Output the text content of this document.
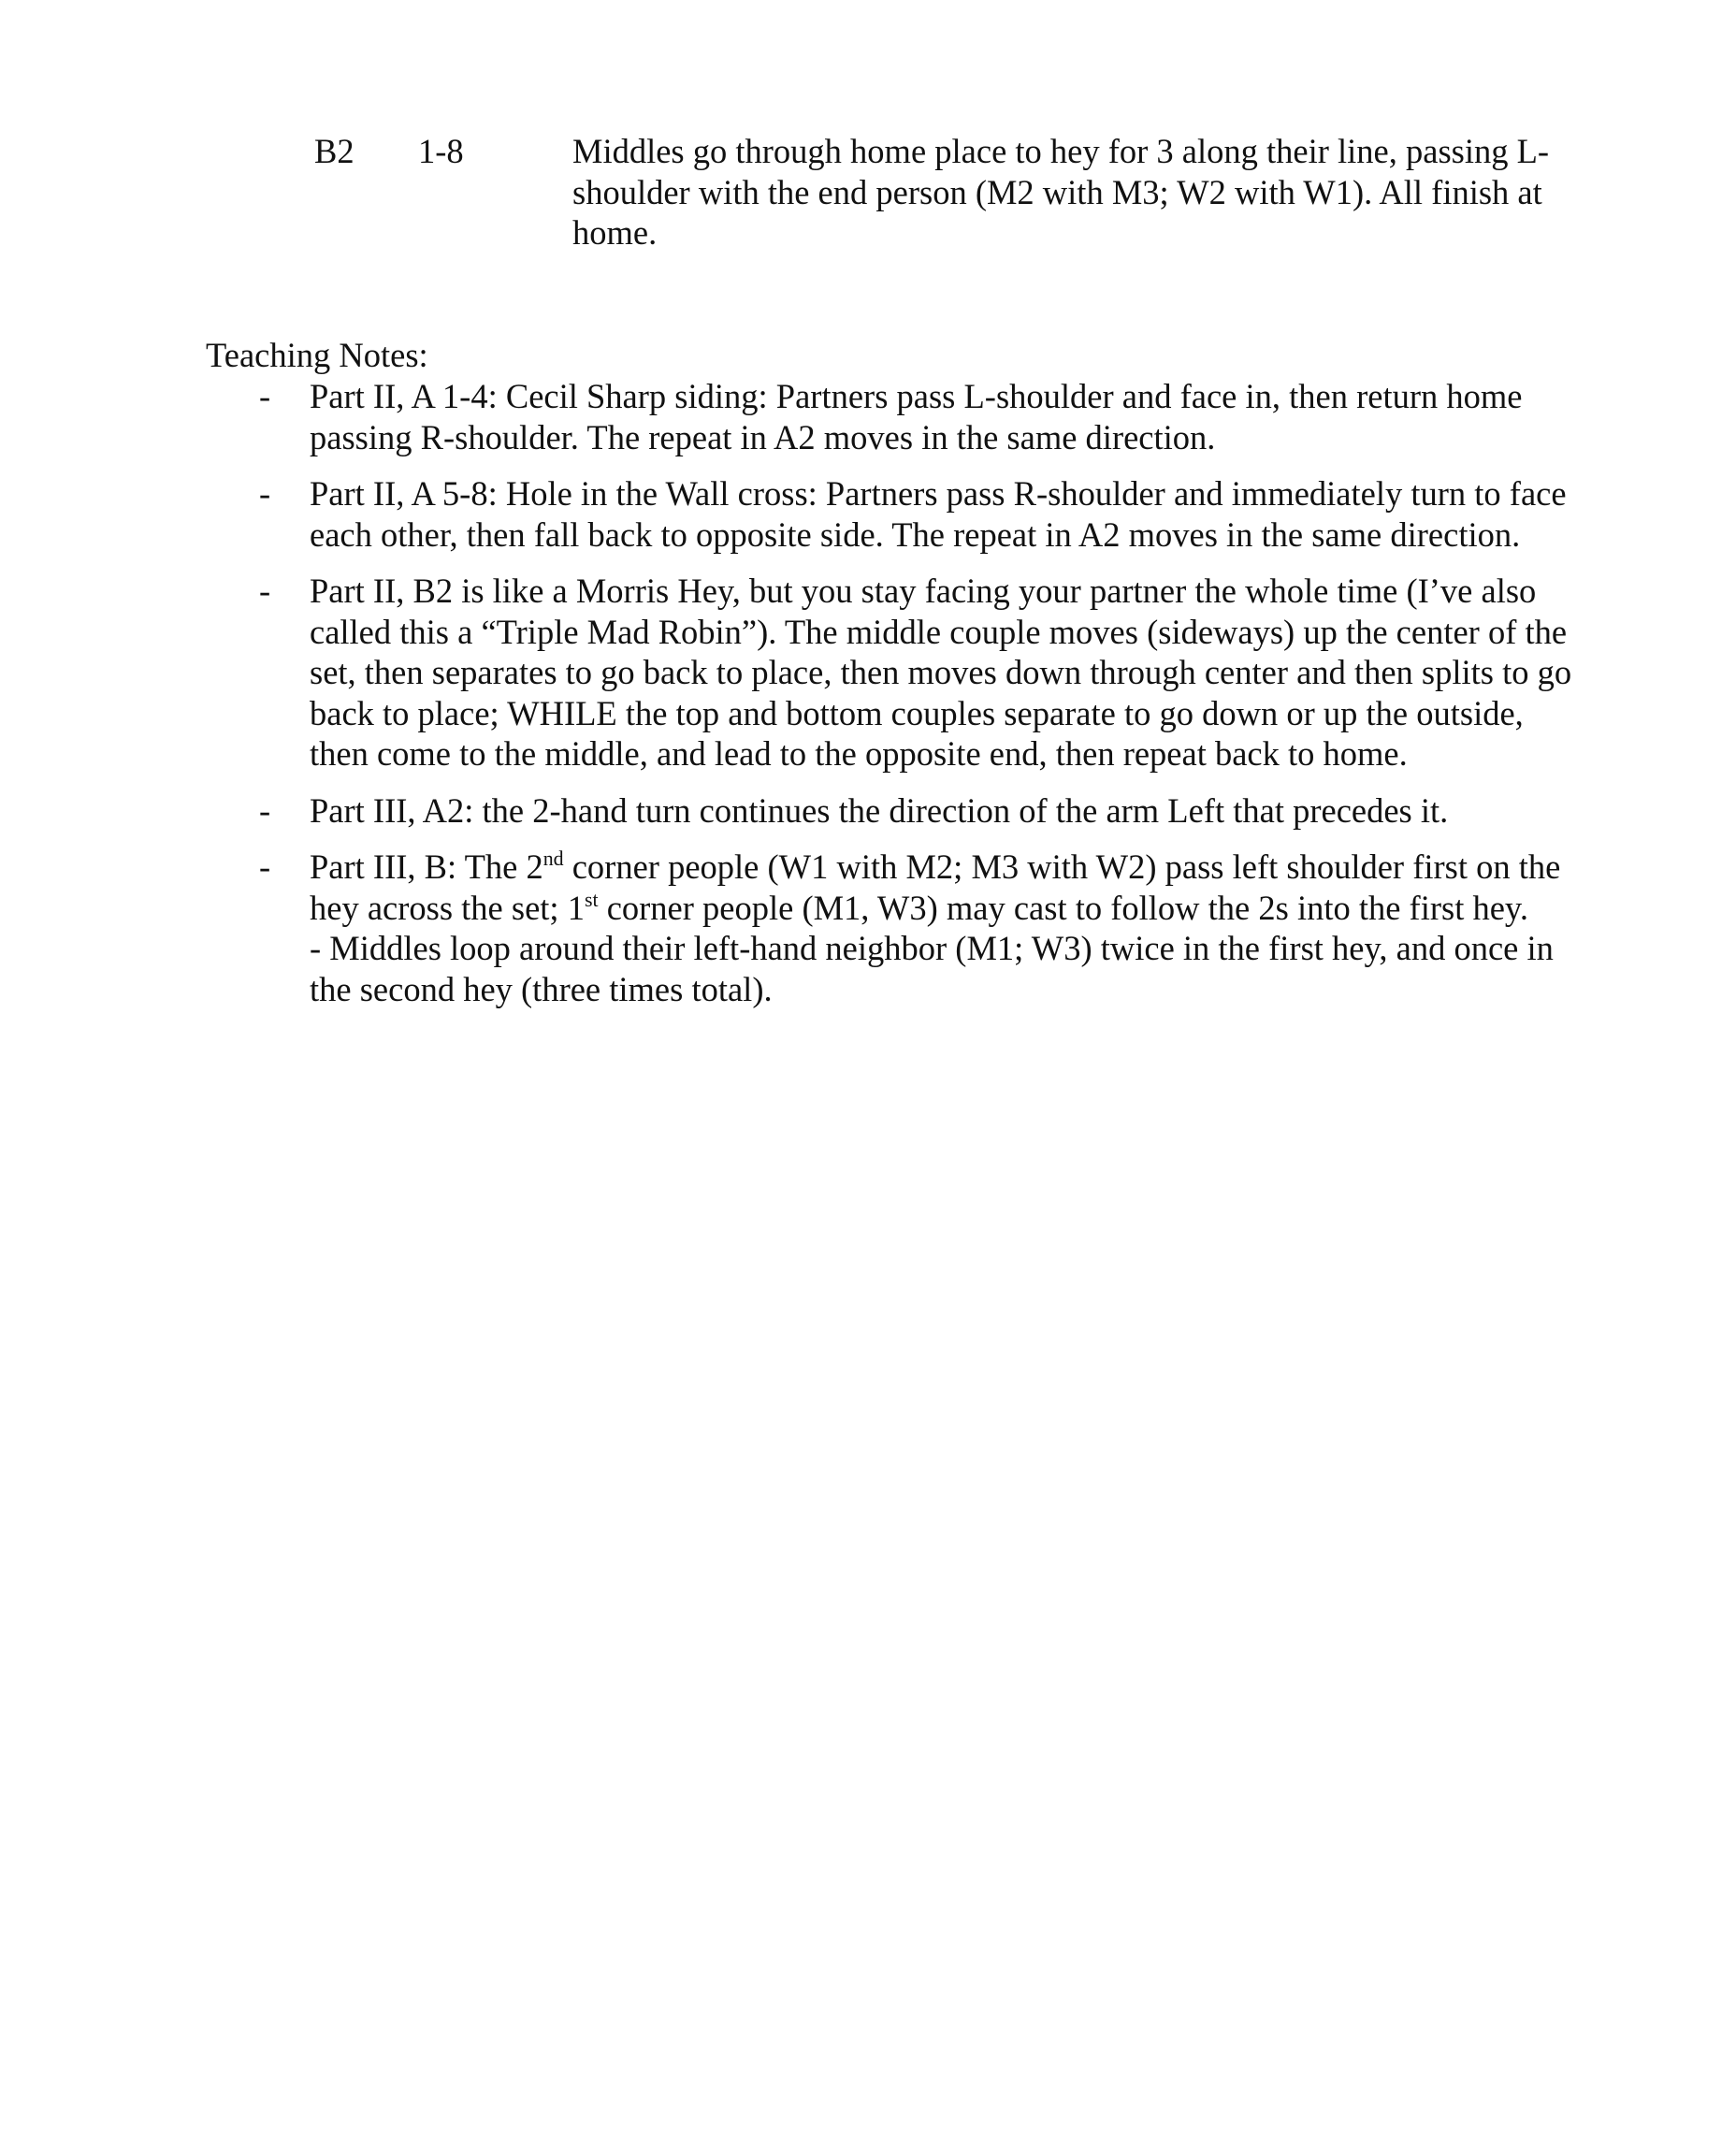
B2 1-8	Middles go through home place to hey for 3 along their line, passing L-shoulder with the end person (M2 with M3; W2 with W1). All finish at home.
Teaching Notes:
- Part II, A 1-4: Cecil Sharp siding: Partners pass L-shoulder and face in, then return home passing R-shoulder. The repeat in A2 moves in the same direction.

- Part II, A 5-8: Hole in the Wall cross: Partners pass R-shoulder and immediately turn to face each other, then fall back to opposite side. The repeat in A2 moves in the same direction.

- Part II, B2 is like a Morris Hey, but you stay facing your partner the whole time (I’ve also called this a “Triple Mad Robin”). The middle couple moves (sideways) up the center of the set, then separates to go back to place, then moves down through center and then splits to go back to place; WHILE the top and bottom couples separate to go down or up the outside, then come to the middle, and lead to the opposite end, then repeat back to home.

- Part III, A2: the 2-hand turn continues the direction of the arm Left that precedes it.

- Part III, B: The 2nd corner people (W1 with M2; M3 with W2) pass left shoulder first on the hey across the set; 1st corner people (M1, W3) may cast to follow the 2s into the first hey.

- Middles loop around their left-hand neighbor (M1; W3) twice in the first hey, and once in the second hey (three times total).
